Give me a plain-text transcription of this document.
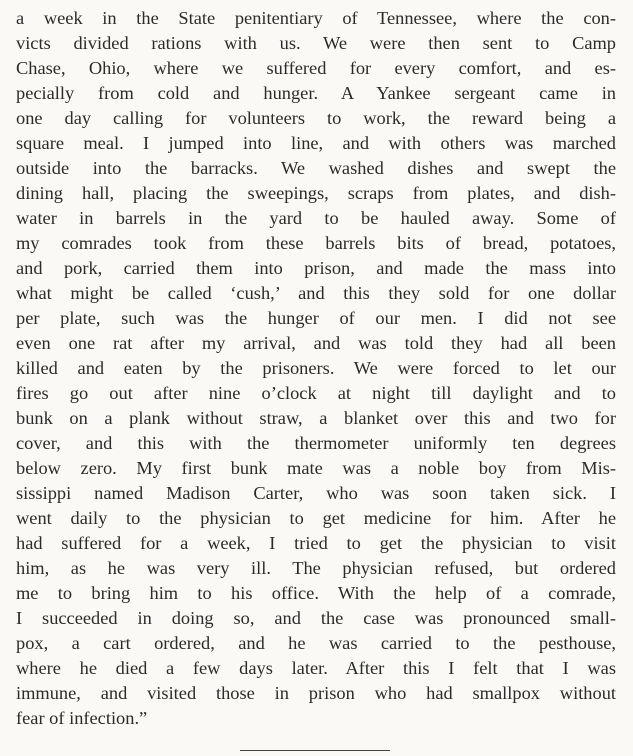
a week in the State penitentiary of Tennessee, where the con-
victs divided rations with us. We were then sent to Camp
Chase, Ohio, where we suffered for every comfort, and es-
pecially from cold and hunger. A Yankee sergeant came in
one day calling for volunteers to work, the reward being a
square meal. I jumped into line, and with others was marched
outside into the barracks. We washed dishes and swept the
dining hall, placing the sweepings, scraps from plates, and dish-
water in barrels in the yard to be hauled away. Some of
my comrades took from these barrels bits of bread, potatoes,
and pork, carried them into prison, and made the mass into
what might be called ‘cush,’ and this they sold for one dollar
per plate, such was the hunger of our men. I did not see
even one rat after my arrival, and was told they had all been
killed and eaten by the prisoners. We were forced to let our
fires go out after nine o’clock at night till daylight and to
bunk on a plank without straw, a blanket over this and two for
cover, and this with the thermometer uniformly ten degrees
below zero. My first bunk mate was a noble boy from Mis-
sissippi named Madison Carter, who was soon taken sick. I
went daily to the physician to get medicine for him. After he
had suffered for a week, I tried to get the physician to visit
him, as he was very ill. The physician refused, but ordered
me to bring him to his office. With the help of a comrade,
I succeeded in doing so, and the case was pronounced small-
pox, a cart ordered, and he was carried to the pesthouse,
where he died a few days later. After this I felt that I was
immune, and visited those in prison who had smallpox without
fear of infection.”
